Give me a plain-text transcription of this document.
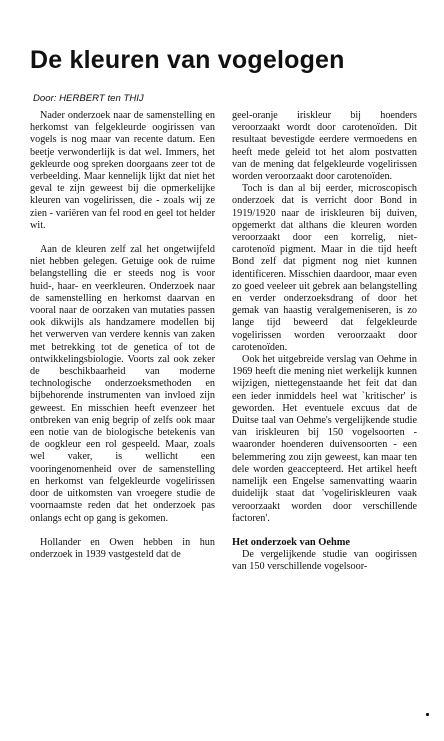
De kleuren van vogelogen
Door: HERBERT ten THIJ

Nader onderzoek naar de samenstelling en herkomst van felgekleurde oogirissen van vogels is nog maar van recente datum. Een beetje verwonderlijk is dat wel. Immers, het gekleurde oog spreken doorgaans zeer tot de verbeelding. Maar kennelijk lijkt dat niet het geval te zijn geweest bij die opmerkelijke kleuren van vogelirissen, die - zoals wij ze zien - variëren van fel rood en geel tot helder wit.

Aan de kleuren zelf zal het ongetwijfeld niet hebben gelegen. Getuige ook de ruime belangstelling die er steeds nog is voor huid-, haar- en veerkleuren. Onderzoek naar de samenstelling en herkomst daarvan en vooral naar de oorzaken van mutaties passen ook dikwijls als handzamere modellen bij het verwerven van verdere kennis van zaken met betrekking tot de genetica of tot de ontwikkelingsbiologie. Voorts zal ook zeker de beschikbaarheid van moderne technologische onderzoeksmethoden en bijbehorende instrumenten van invloed zijn geweest. En misschien heeft evenzeer het ontbreken van enig begrip of zelfs ook maar een notie van de biologische betekenis van de oogkleur een rol gespeeld. Maar, zoals wel vaker, is wellicht een vooringenomenheid over de samenstelling en herkomst van felgekleurde vogelirissen door de uitkomsten van vroegere studie de voornaamste reden dat het onderzoek pas onlangs echt op gang is gekomen.

Hollander en Owen hebben in hun onderzoek in 1939 vastgesteld dat de

geel-oranje iriskleur bij hoenders veroorzaakt wordt door carotenoïden. Dit resultaat bevestigde eerdere vermoedens en heeft mede geleid tot het alom postvatten van de mening dat felgekleurde vogelirissen worden veroorzaakt door carotenoïden.

Toch is dan al bij eerder, microscopisch onderzoek dat is verricht door Bond in 1919/1920 naar de iriskleuren bij duiven, opgemerkt dat althans die kleuren worden veroorzaakt door een korrelig, niet-carotenoïd pigment. Maar in die tijd heeft Bond zelf dat pigment nog niet kunnen identificeren. Misschien daardoor, maar even zo goed veeleer uit gebrek aan belangstelling en verder onderzoeksdrang of door het gemak van haastig veralgemeniseren, is zo lange tijd beweerd dat felgekleurde vogelirissen worden veroorzaakt door carotenoïden.

Ook het uitgebreide verslag van Oehme in 1969 heeft die mening niet werkelijk kunnen wijzigen, niettegenstaande het feit dat dan een ieder inmiddels heel wat `kritischer' is geworden. Het eventuele excuus dat de Duitse taal van Oehme's vergelijkende studie van iriskleuren bij 150 vogelsoorten - waaronder hoenderen duivensoorten - een belemmering zou zijn geweest, kan maar ten dele worden geaccepteerd. Het artikel heeft namelijk een Engelse samenvatting waarin duidelijk staat dat 'vogeliriskleuren vaak veroorzaakt worden door verschillende factoren'.

Het onderzoek van Oehme

De vergelijkende studie van oogirissen van 150 verschillende vogelsoor-
